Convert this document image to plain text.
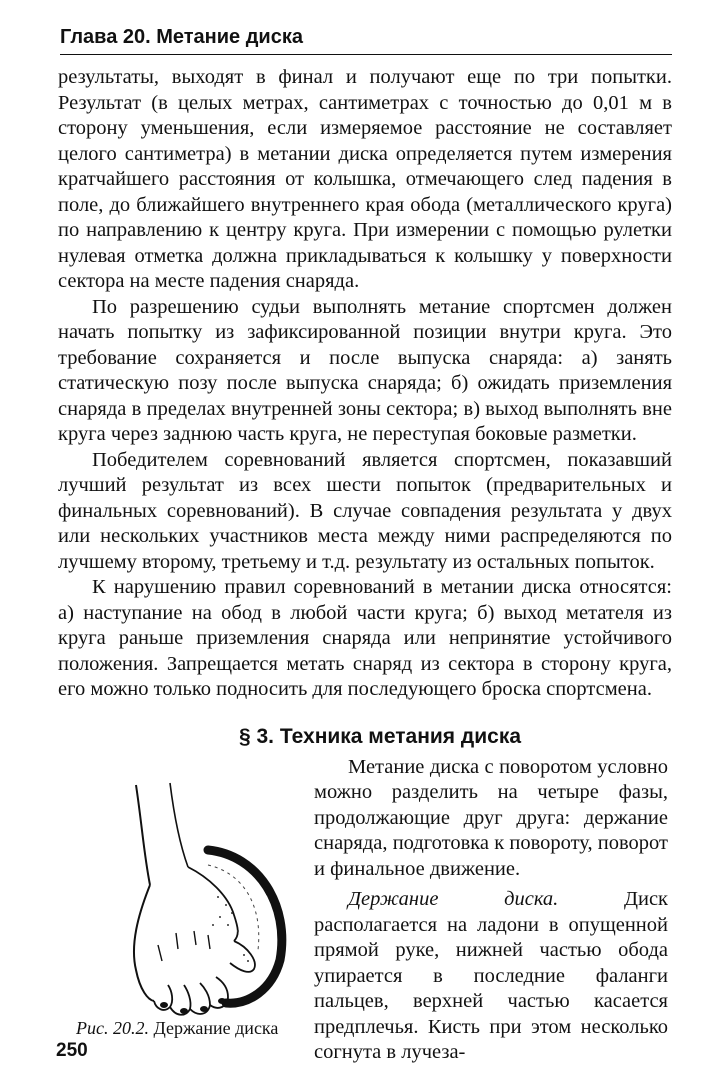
Глава 20. Метание диска

результаты, выходят в финал и получают еще по три попытки. Результат (в целых метрах, сантиметрах с точностью до 0,01 м в сторону уменьшения, если измеряемое расстояние не составляет целого сантиметра) в метании диска определяется путем измерения кратчайшего расстояния от колышка, отмечающего след падения в поле, до ближайшего внутреннего края обода (металлического круга) по направлению к центру круга. При измерении с помощью рулетки нулевая отметка должна прикладываться к колышку у поверхности сектора на месте падения снаряда.

По разрешению судьи выполнять метание спортсмен должен начать попытку из зафиксированной позиции внутри круга. Это требование сохраняется и после выпуска снаряда: а) занять статическую позу после выпуска снаряда; б) ожидать приземления снаряда в пределах внутренней зоны сектора; в) выход выполнять вне круга через заднюю часть круга, не переступая боковые разметки.

Победителем соревнований является спортсмен, показавший лучший результат из всех шести попыток (предварительных и финальных соревнований). В случае совпадения результата у двух или нескольких участников места между ними распределяются по лучшему второму, третьему и т.д. результату из остальных попыток.

К нарушению правил соревнований в метании диска относятся: а) наступание на обод в любой части круга; б) выход метателя из круга раньше приземления снаряда или непринятие устойчивого положения. Запрещается метать снаряд из сектора в сторону круга, его можно только подносить для последующего броска спортсмена.

§ 3. Техника метания диска
Рис. 20.2. Держание диска

Метание диска с поворотом условно можно разделить на четыре фазы, продолжающие друг друга: держание снаряда, подготовка к повороту, поворот и финальное движение.

Держание диска. Диск располагается на ладони в опущенной прямой руке, нижней частью обода упирается в последние фаланги пальцев, верхней частью касается предплечья. Кисть при этом несколько согнута в лучеза-

250
